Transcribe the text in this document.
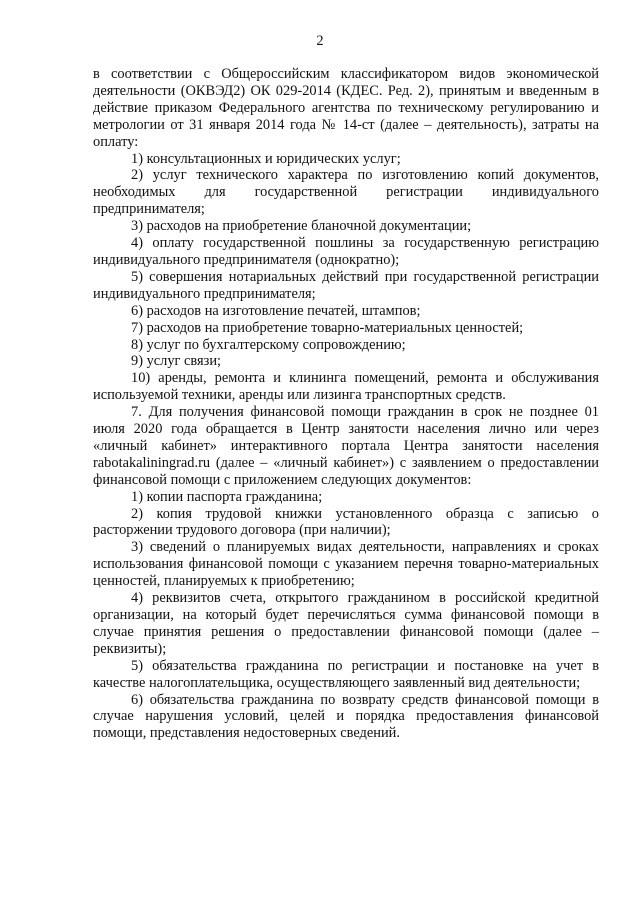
2

в соответствии с Общероссийским классификатором видов экономической деятельности (ОКВЭД2) ОК 029-2014 (КДЕС. Ред. 2), принятым и введенным в действие приказом Федерального агентства по техническому регулированию и метрологии от 31 января 2014 года № 14-ст (далее – деятельность), затраты на оплату:

1) консультационных и юридических услуг;

2) услуг технического характера по изготовлению копий документов, необходимых для государственной регистрации индивидуального предпринимателя;

3) расходов на приобретение бланочной документации;

4) оплату государственной пошлины за государственную регистрацию индивидуального предпринимателя (однократно);

5) совершения нотариальных действий при государственной регистрации индивидуального предпринимателя;

6) расходов на изготовление печатей, штампов;

7) расходов на приобретение товарно-материальных ценностей;

8) услуг по бухгалтерскому сопровождению;

9) услуг связи;

10) аренды, ремонта и клининга помещений, ремонта и обслуживания используемой техники, аренды или лизинга транспортных средств.

7. Для получения финансовой помощи гражданин в срок не позднее 01 июля 2020 года обращается в Центр занятости населения лично или через «личный кабинет» интерактивного портала Центра занятости населения rabotakaliningrad.ru (далее – «личный кабинет») с заявлением о предоставлении финансовой помощи с приложением следующих документов:

1) копии паспорта гражданина;

2) копия трудовой книжки установленного образца с записью о расторжении трудового договора (при наличии);

3) сведений о планируемых видах деятельности, направлениях и сроках использования финансовой помощи с указанием перечня товарно-материальных ценностей, планируемых к приобретению;

4) реквизитов счета, открытого гражданином в российской кредитной организации, на который будет перечисляться сумма финансовой помощи в случае принятия решения о предоставлении финансовой помощи (далее – реквизиты);

5) обязательства гражданина по регистрации и постановке на учет в качестве налогоплательщика, осуществляющего заявленный вид деятельности;

6) обязательства гражданина по возврату средств финансовой помощи в случае нарушения условий, целей и порядка предоставления финансовой помощи, представления недостоверных сведений.
